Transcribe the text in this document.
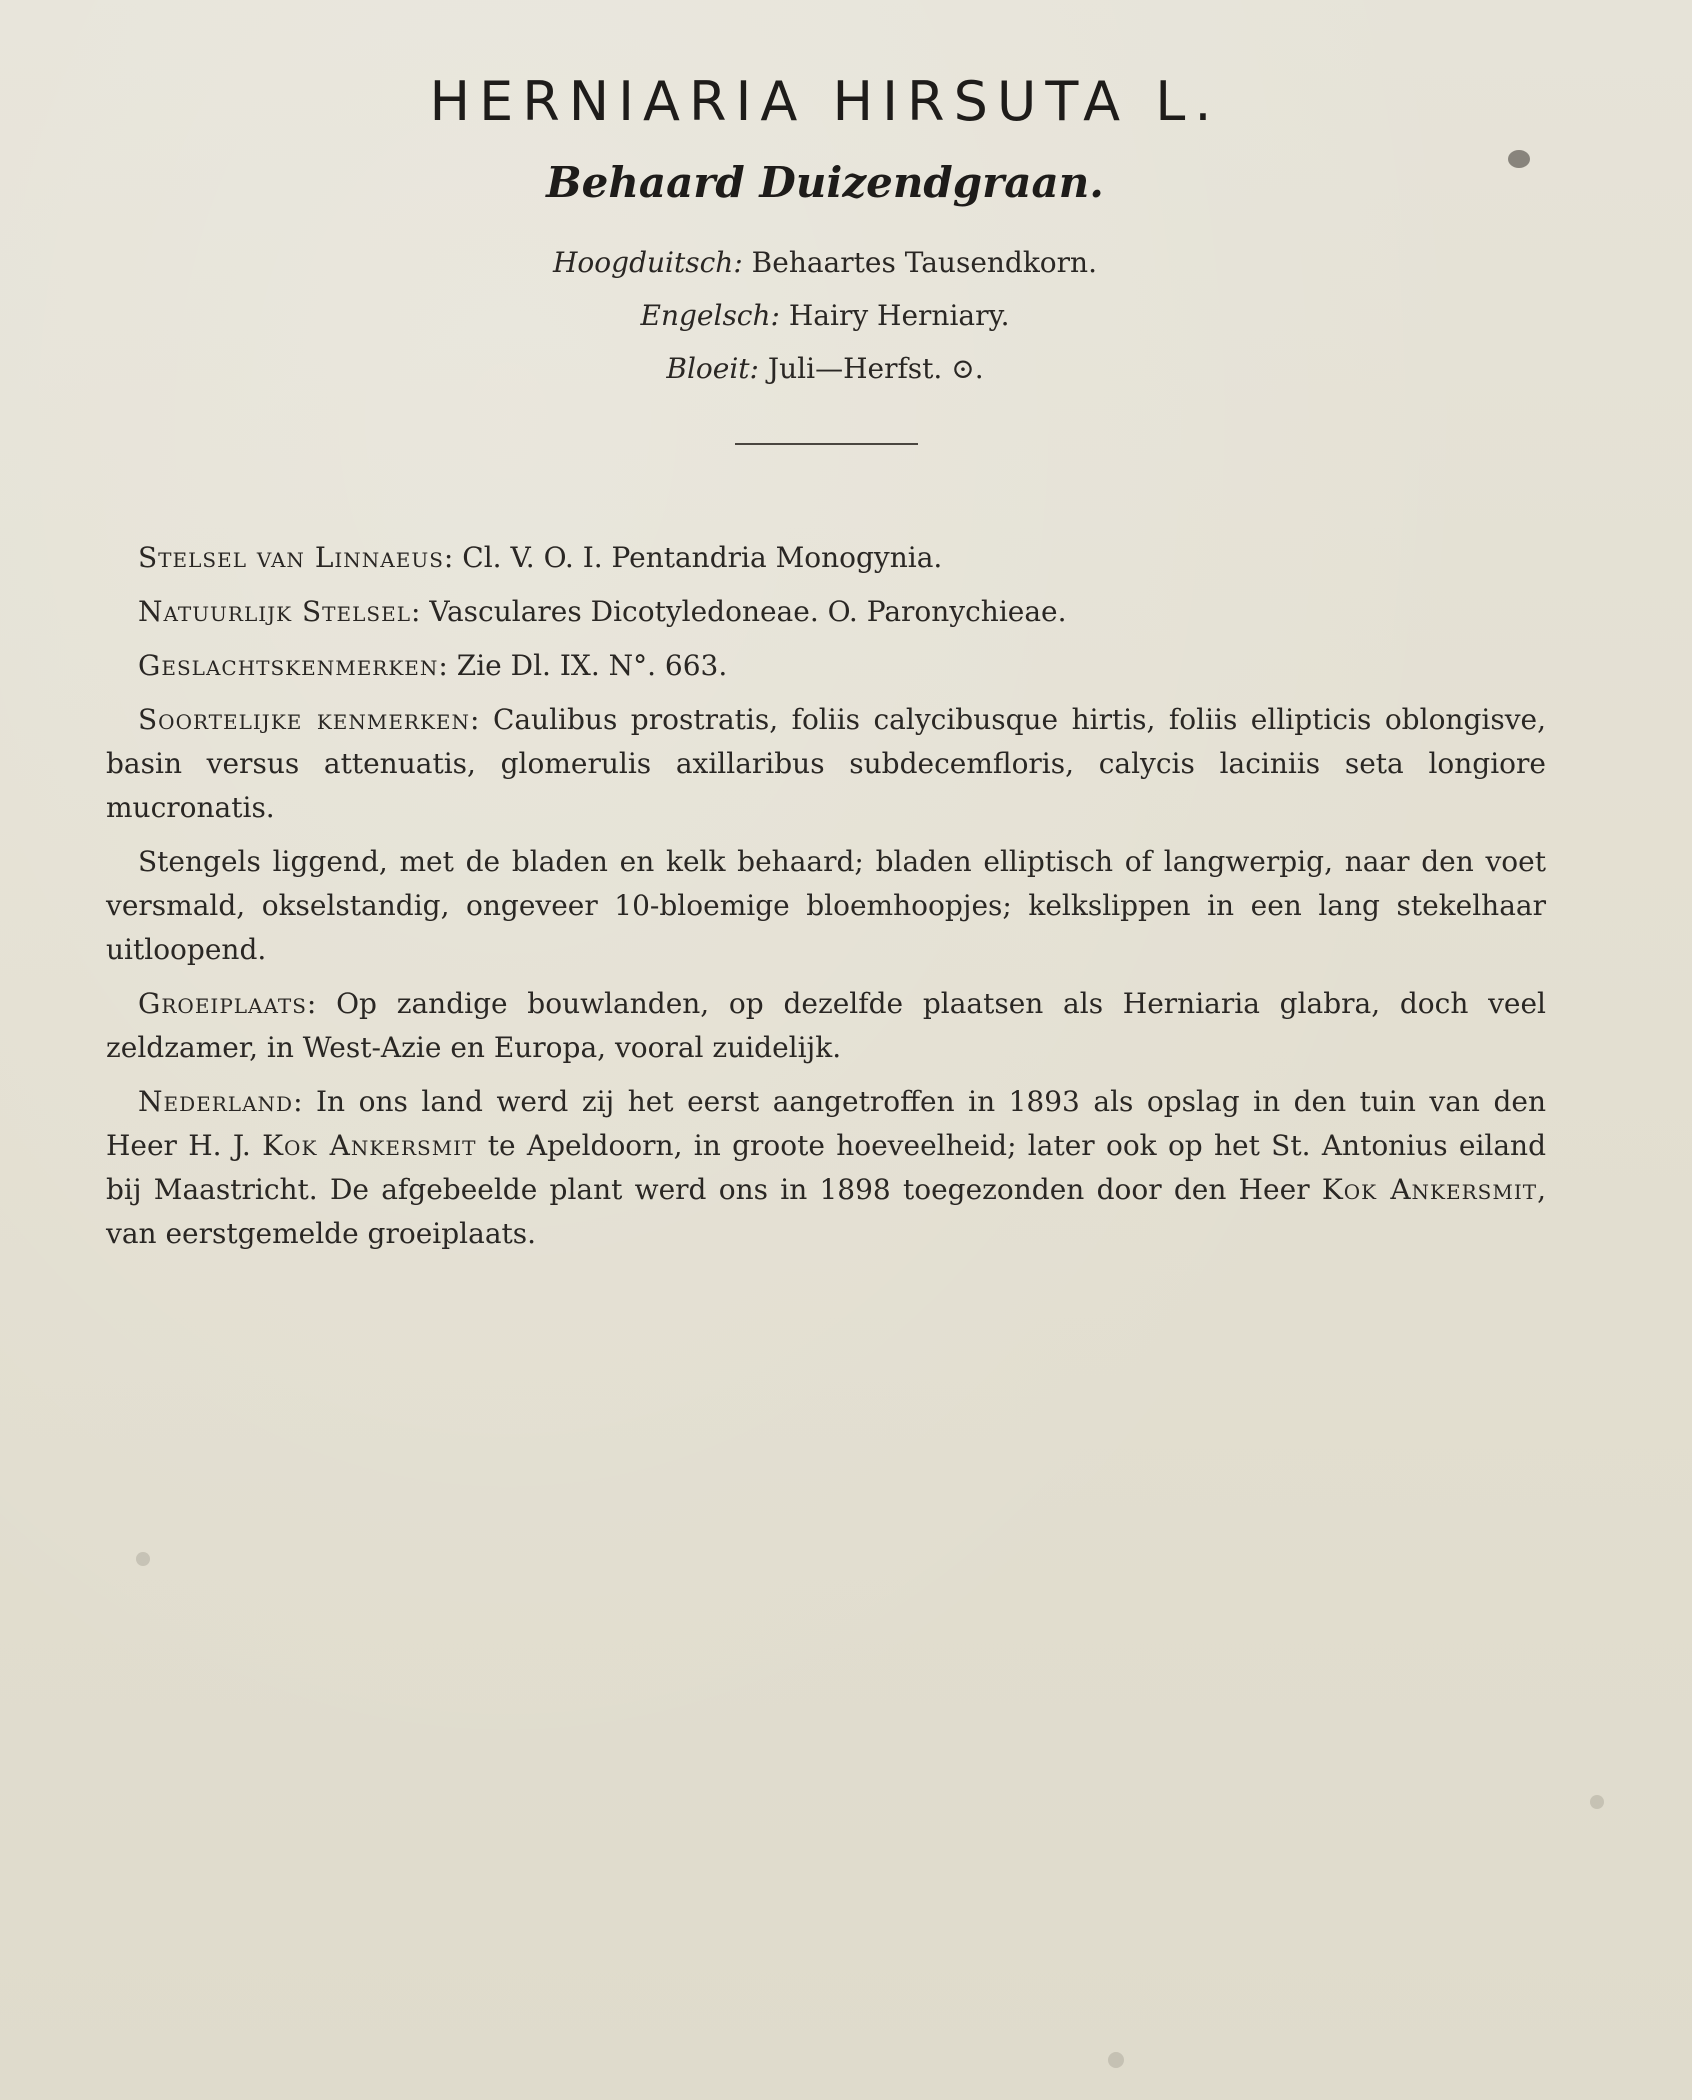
HERNIARIA HIRSUTA L.
Behaard Duizendgraan.
Hoogduitsch: Behaartes Tausendkorn.
Engelsch: Hairy Herniary.
Bloeit: Juli—Herfst. ⊙.

Stelsel van Linnaeus: Cl. V. O. I. Pentandria Monogynia.

Natuurlijk Stelsel: Vasculares Dicotyledoneae. O. Paronychieae.

Geslachtskenmerken: Zie Dl. IX. N°. 663.

Soortelijke kenmerken: Caulibus prostratis, foliis calycibusque hirtis, foliis ellipticis oblongisve, basin versus attenuatis, glomerulis axillaribus subdecemfloris, calycis laciniis seta longiore mucronatis.

Stengels liggend, met de bladen en kelk behaard; bladen elliptisch of langwerpig, naar den voet versmald, okselstandig, ongeveer 10-bloemige bloemhoopjes; kelkslippen in een lang stekelhaar uitloopend.

Groeiplaats: Op zandige bouwlanden, op dezelfde plaatsen als Herniaria glabra, doch veel zeldzamer, in West-Azie en Europa, vooral zuidelijk.

Nederland: In ons land werd zij het eerst aangetroffen in 1893 als opslag in den tuin van den Heer H. J. Kok Ankersmit te Apeldoorn, in groote hoeveelheid; later ook op het St. Antonius eiland bij Maastricht. De afgebeelde plant werd ons in 1898 toegezonden door den Heer Kok Ankersmit, van eerstgemelde groeiplaats.
